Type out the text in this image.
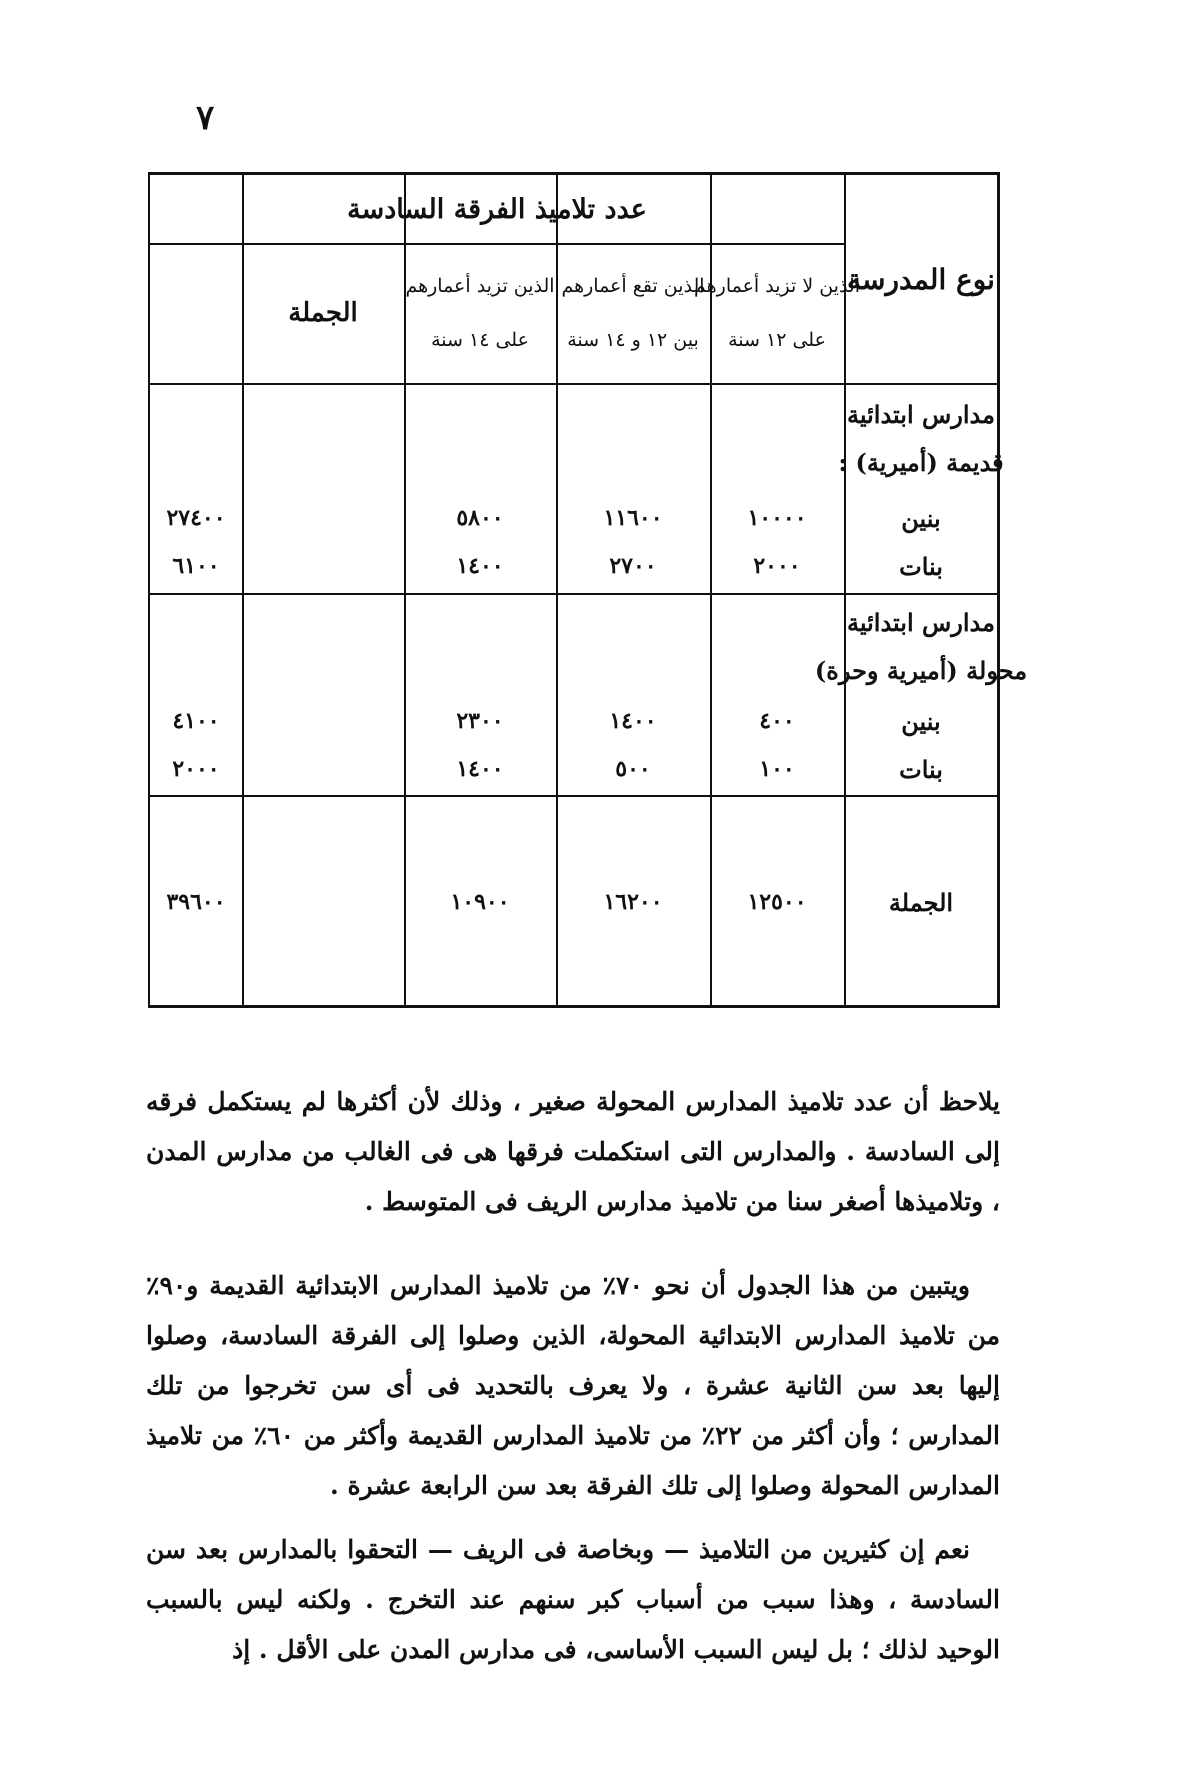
٧
عدد تلاميذ الفرقة السادسة
نوع المدرسة
الذين لا تزيد أعمارهم
على ١٢ سنة
الذين تقع أعمارهم
بين ١٢ و ١٤ سنة
الذين تزيد أعمارهم
على ١٤ سنة
الجملة
مدارس ابتدائية
قديمة (أميرية) :
بنين
١٠٠٠٠
١١٦٠٠
٥٨٠٠
٢٧٤٠٠
بنات
٢٠٠٠
٢٧٠٠
١٤٠٠
٦١٠٠
مدارس ابتدائية
محولة (أميرية وحرة)
بنين
٤٠٠
١٤٠٠
٢٣٠٠
٤١٠٠
بنات
١٠٠
٥٠٠
١٤٠٠
٢٠٠٠
الجملة
١٢٥٠٠
١٦٢٠٠
١٠٩٠٠
٣٩٦٠٠

يلاحظ أن عدد تلاميذ المدارس المحولة صغير ، وذلك لأن أكثرها لم يستكمل فرقه إلى السادسة . والمدارس التى استكملت فرقها هى فى الغالب من مدارس المدن ، وتلاميذها أصغر سنا من تلاميذ مدارس الريف فى المتوسط .

ويتبين من هذا الجدول أن نحو ٧٠٪ من تلاميذ المدارس الابتدائية القديمة و٩٠٪ من تلاميذ المدارس الابتدائية المحولة، الذين وصلوا إلى الفرقة السادسة، وصلوا إليها بعد سن الثانية عشرة ، ولا يعرف بالتحديد فى أى سن تخرجوا من تلك المدارس ؛ وأن أكثر من ٢٢٪ من تلاميذ المدارس القديمة وأكثر من ٦٠٪ من تلاميذ المدارس المحولة وصلوا إلى تلك الفرقة بعد سن الرابعة عشرة .

نعم إن كثيرين من التلاميذ — وبخاصة فى الريف — التحقوا بالمدارس بعد سن السادسة ، وهذا سبب من أسباب كبر سنهم عند التخرج . ولكنه ليس بالسبب الوحيد لذلك ؛ بل ليس السبب الأساسى، فى مدارس المدن على الأقل . إذ
